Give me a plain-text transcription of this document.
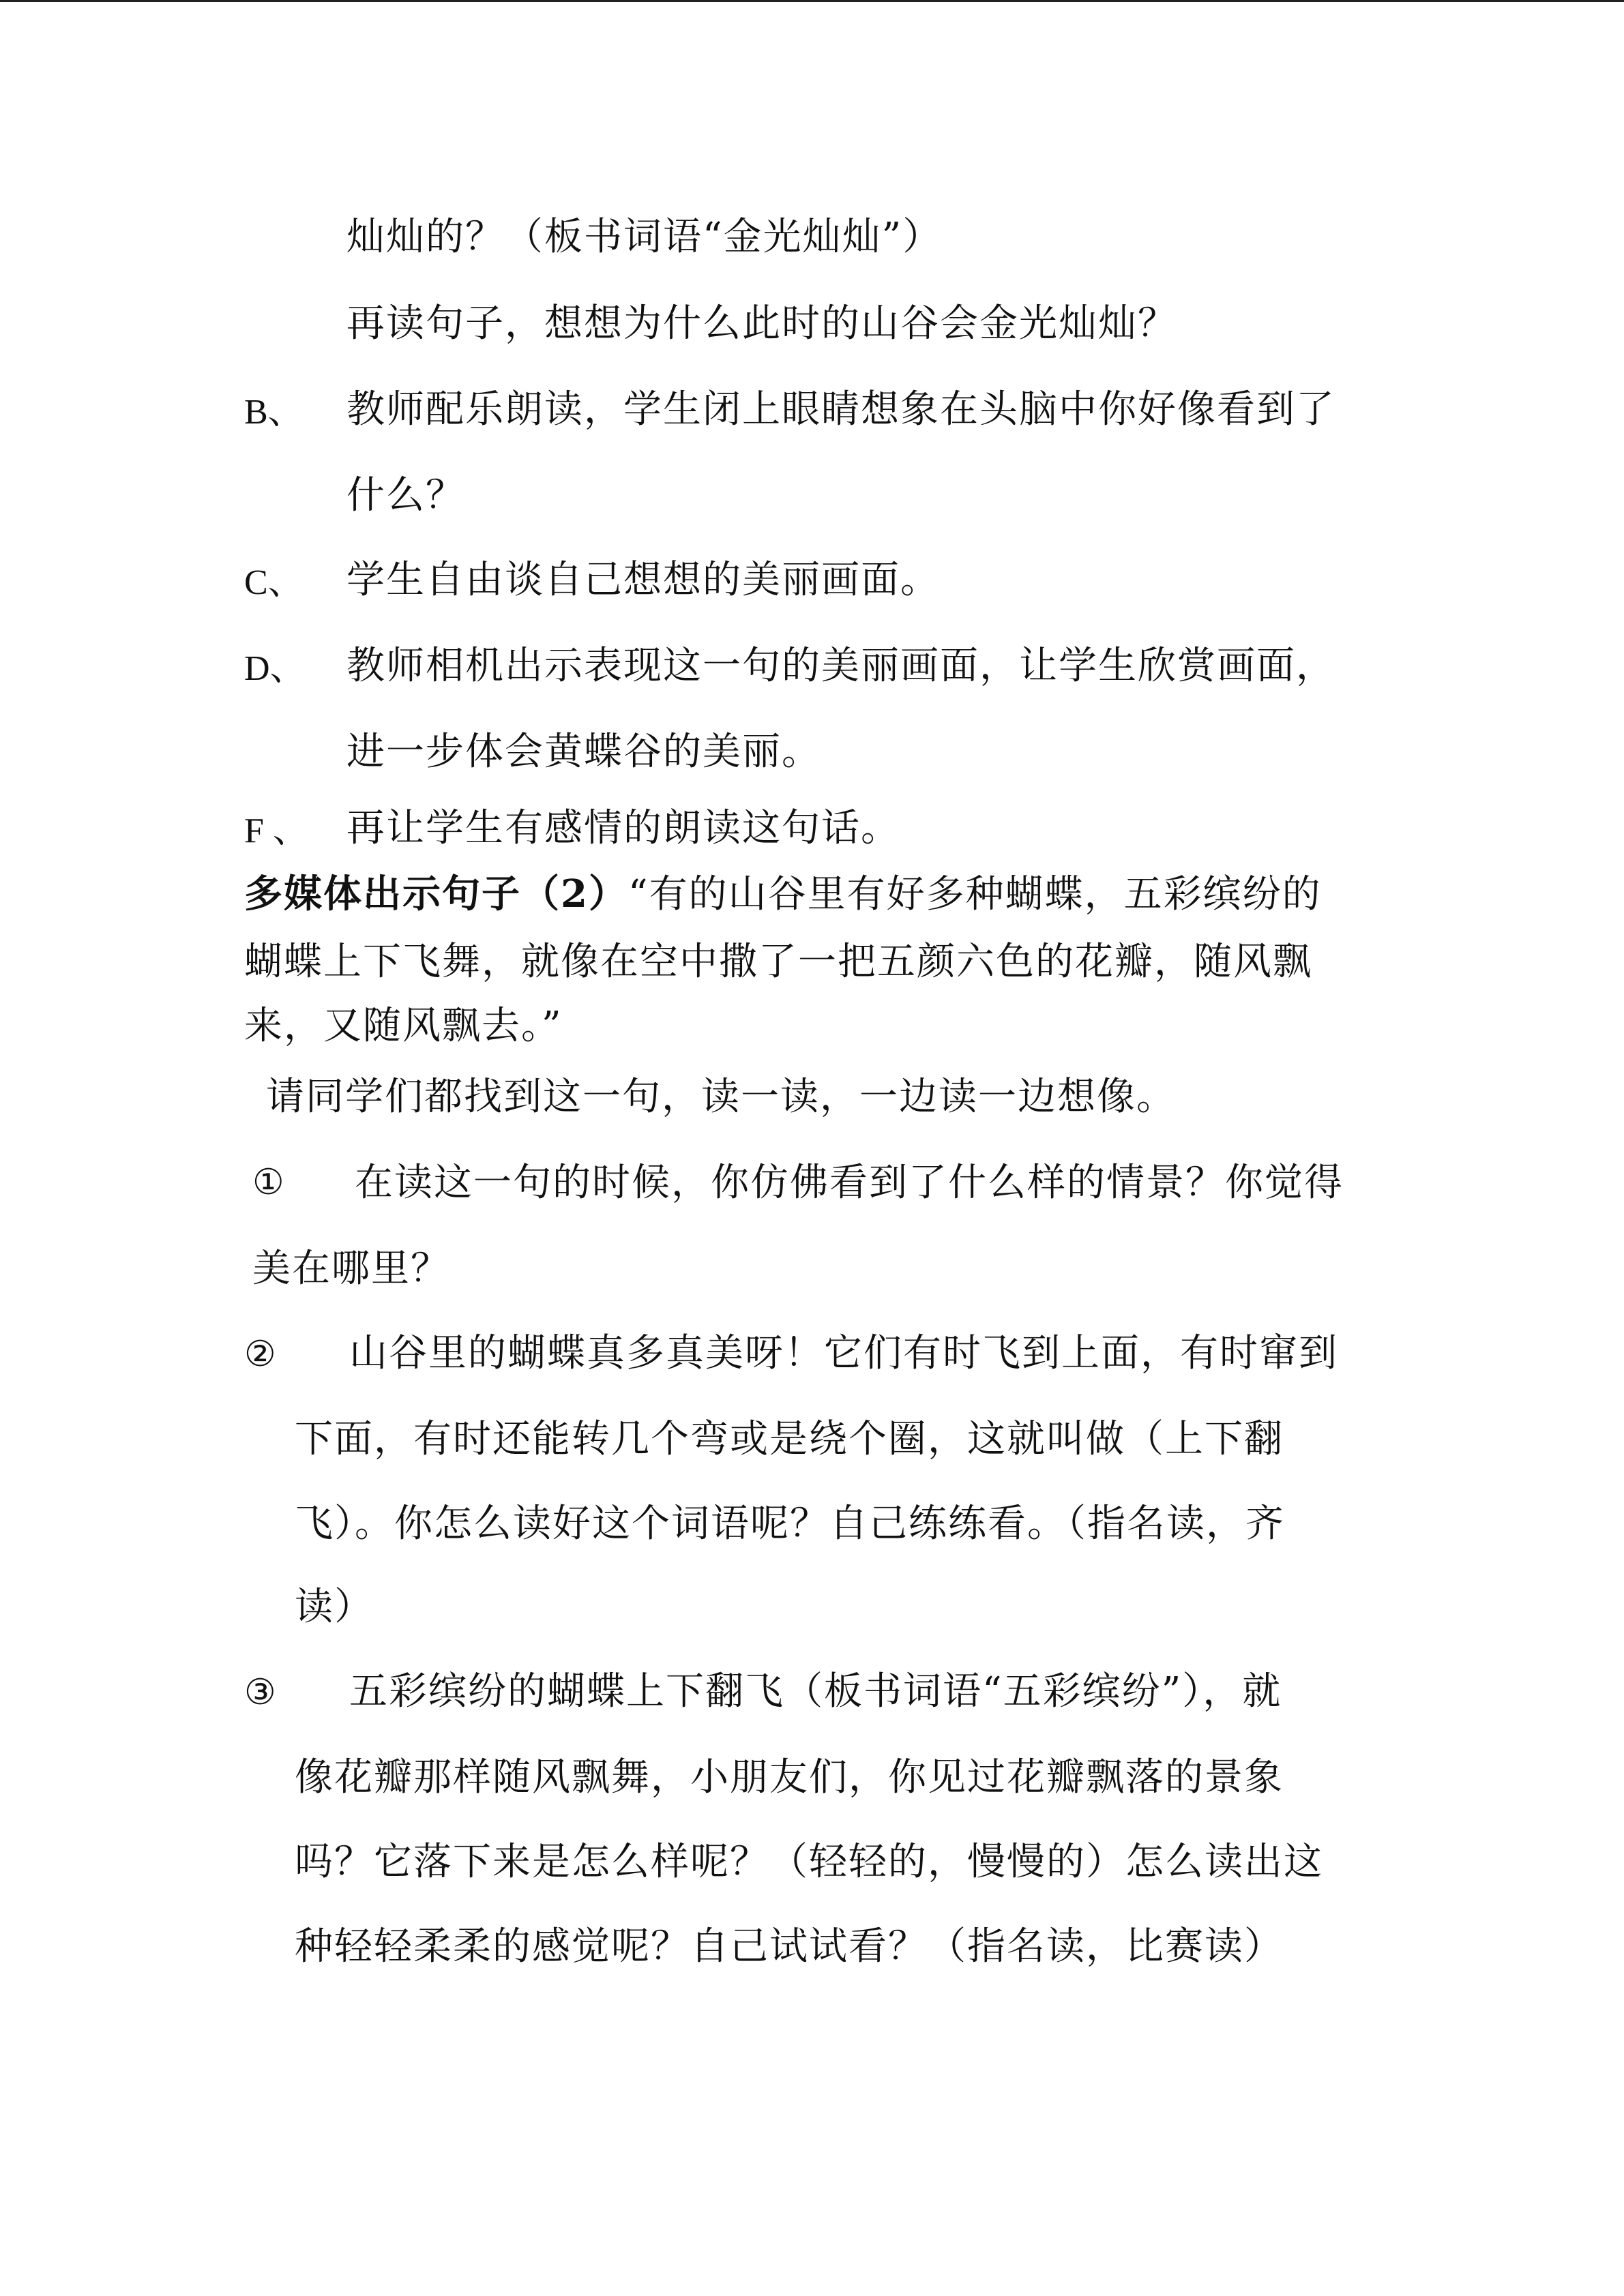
灿灿的？（板书词语“金光灿灿”）
再读句子，想想为什么此时的山谷会金光灿灿？
B、 教师配乐朗读，学生闭上眼睛想象在头脑中你好像看到了
什么？
C、 学生自由谈自己想想的美丽画面。
D、 教师相机出示表现这一句的美丽画面，让学生欣赏画面，
进一步体会黄蝶谷的美丽。
F 、 再让学生有感情的朗读这句话。
多媒体出示句子（2）“有的山谷里有好多种蝴蝶，五彩缤纷的
蝴蝶上下飞舞，就像在空中撒了一把五颜六色的花瓣，随风飘
来，又随风飘去。”
请同学们都找到这一句，读一读，一边读一边想像。
① 在读这一句的时候，你仿佛看到了什么样的情景？你觉得
美在哪里？
② 山谷里的蝴蝶真多真美呀！它们有时飞到上面，有时窜到
下面，有时还能转几个弯或是绕个圈，这就叫做（上下翻
飞）。你怎么读好这个词语呢？自己练练看。（指名读，齐
读）
③ 五彩缤纷的蝴蝶上下翻飞（板书词语“五彩缤纷”），就
像花瓣那样随风飘舞，小朋友们，你见过花瓣飘落的景象
吗？它落下来是怎么样呢？（轻轻的，慢慢的）怎么读出这
种轻轻柔柔的感觉呢？自己试试看？（指名读，比赛读）
